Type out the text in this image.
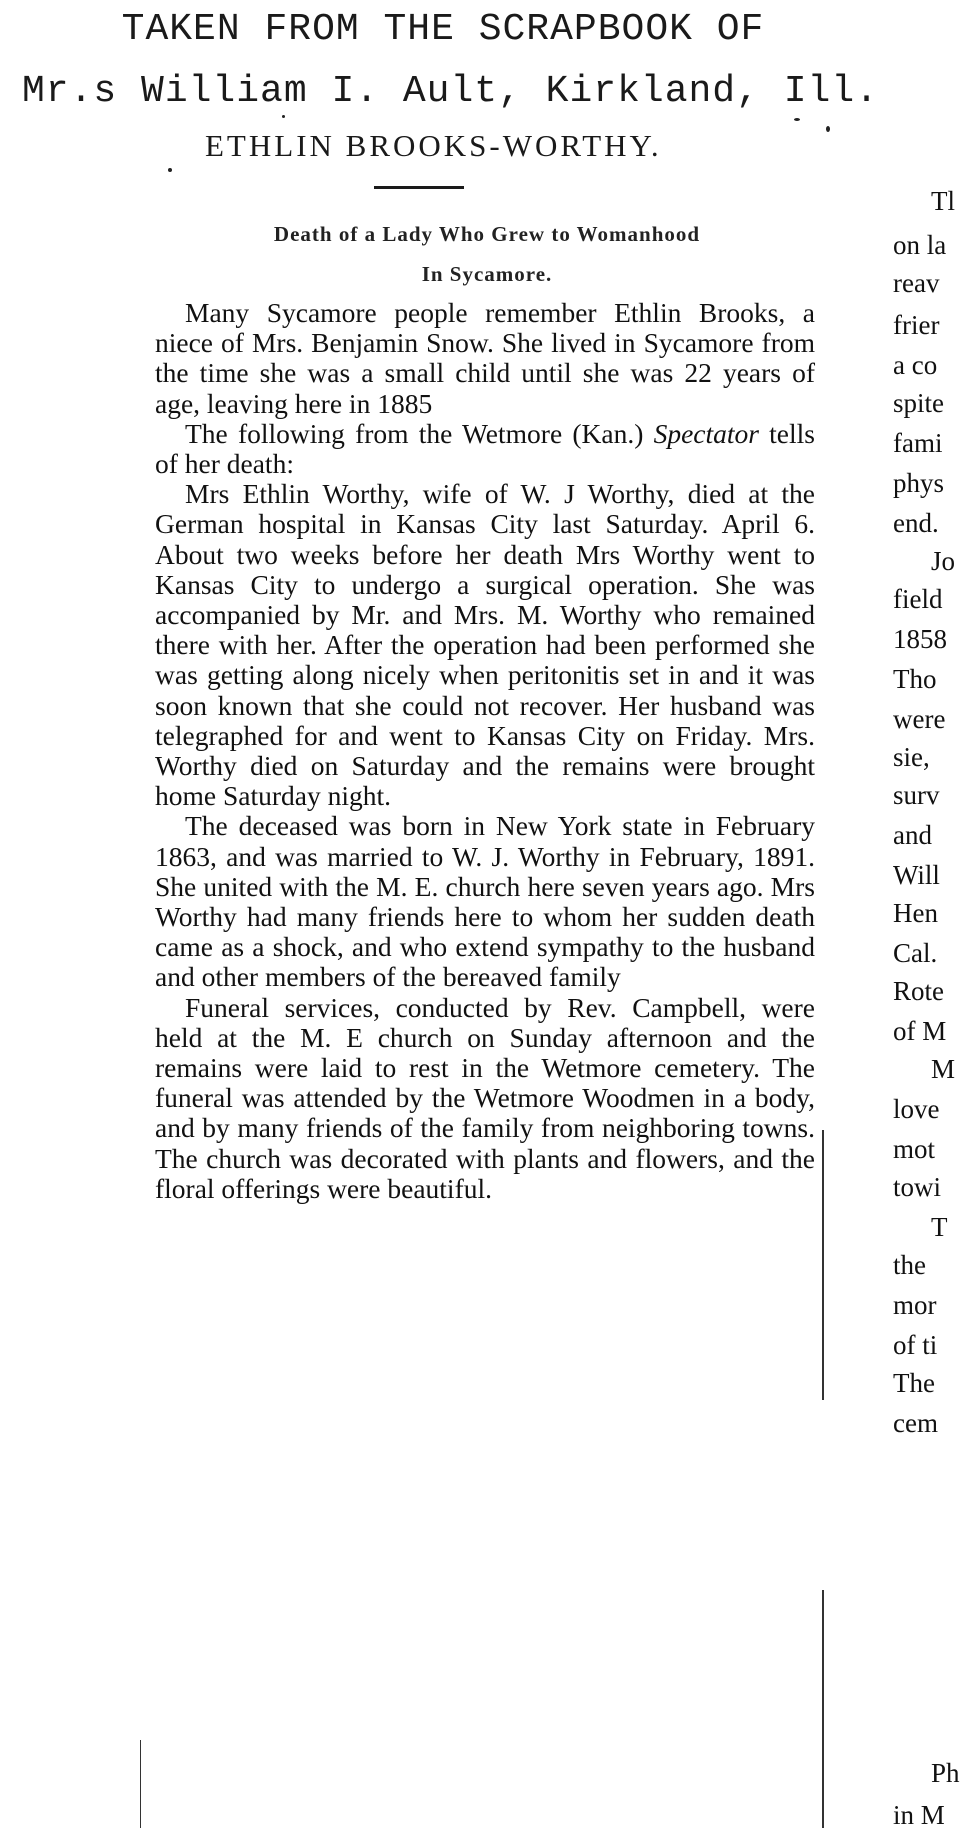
TAKEN FROM THE SCRAPBOOK OF
Mr.s William I. Ault, Kirkland, Ill.
ETHLIN BROOKS-WORTHY.
Death of a Lady Who Grew to Womanhood
In Sycamore.

Many Sycamore people remember Ethlin Brooks, a niece of Mrs. Benjamin Snow. She lived in Sycamore from the time she was a small child until she was 22 years of age, leaving here in 1885

The following from the Wetmore (Kan.) Spectator tells of her death:

Mrs Ethlin Worthy, wife of W. J Worthy, died at the German hospital in Kansas City last Saturday. April 6. About two weeks before her death Mrs Worthy went to Kansas City to undergo a surgical operation. She was accompanied by Mr. and Mrs. M. Worthy who remained there with her. After the operation had been performed she was getting along nicely when peritonitis set in and it was soon known that she could not recover. Her husband was telegraphed for and went to Kansas City on Friday. Mrs. Worthy died on Saturday and the remains were brought home Saturday night.

The deceased was born in New York state in February 1863, and was married to W. J. Worthy in February, 1891. She united with the M. E. church here seven years ago. Mrs Worthy had many friends here to whom her sudden death came as a shock, and who extend sympathy to the husband and other members of the bereaved family

Funeral services, conducted by Rev. Campbell, were held at the M. E church on Sunday afternoon and the remains were laid to rest in the Wetmore cemetery. The funeral was attended by the Wetmore Woodmen in a body, and by many friends of the family from neighboring towns. The church was decorated with plants and flowers, and the floral offerings were beautiful.

Tl
on la
reav
frier
a co
spite
fami
phys
end.
Jo
field
1858
Tho
were
sie,
surv
and
Will
Hen
Cal.
Rote
of M
M
love
mot
towi
T
the
mor
of ti
The
cem
Ph
in M
